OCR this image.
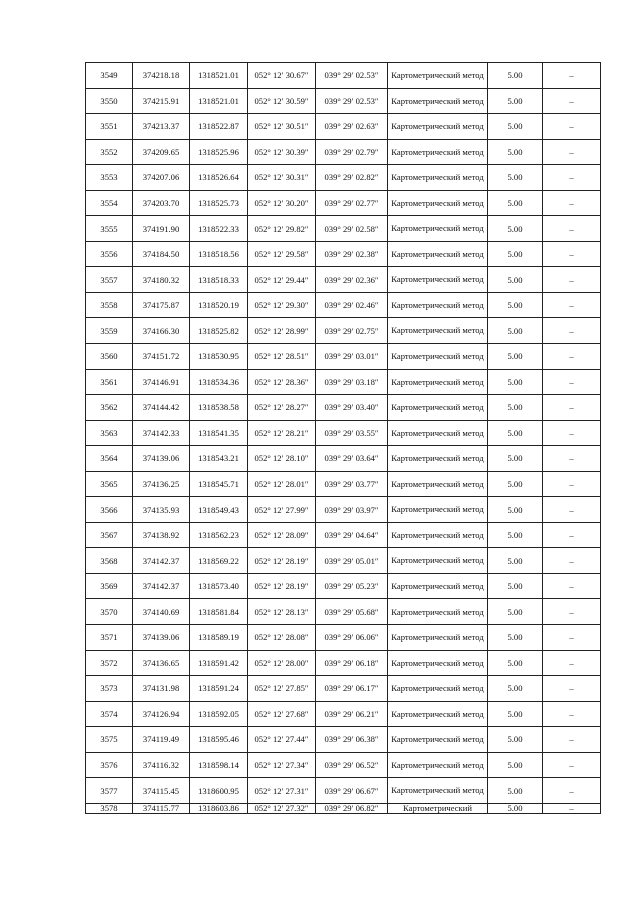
3549	374218.18	1318521.01	052° 12′ 30.67″	039° 29′ 02.53″	Картометрический метод	5.00	–
3550	374215.91	1318521.01	052° 12′ 30.59″	039° 29′ 02.53″	Картометрический метод	5.00	–
3551	374213.37	1318522.87	052° 12′ 30.51″	039° 29′ 02.63″	Картометрический метод	5.00	–
3552	374209.65	1318525.96	052° 12′ 30.39″	039° 29′ 02.79″	Картометрический метод	5.00	–
3553	374207.06	1318526.64	052° 12′ 30.31″	039° 29′ 02.82″	Картометрический метод	5.00	–
3554	374203.70	1318525.73	052° 12′ 30.20″	039° 29′ 02.77″	Картометрический метод	5.00	–
3555	374191.90	1318522.33	052° 12′ 29.82″	039° 29′ 02.58″	Картометрический метод	5.00	–
3556	374184.50	1318518.56	052° 12′ 29.58″	039° 29′ 02.38″	Картометрический метод	5.00	–
3557	374180.32	1318518.33	052° 12′ 29.44″	039° 29′ 02.36″	Картометрический метод	5.00	–
3558	374175.87	1318520.19	052° 12′ 29.30″	039° 29′ 02.46″	Картометрический метод	5.00	–
3559	374166.30	1318525.82	052° 12′ 28.99″	039° 29′ 02.75″	Картометрический метод	5.00	–
3560	374151.72	1318530.95	052° 12′ 28.51″	039° 29′ 03.01″	Картометрический метод	5.00	–
3561	374146.91	1318534.36	052° 12′ 28.36″	039° 29′ 03.18″	Картометрический метод	5.00	–
3562	374144.42	1318538.58	052° 12′ 28.27″	039° 29′ 03.40″	Картометрический метод	5.00	–
3563	374142.33	1318541.35	052° 12′ 28.21″	039° 29′ 03.55″	Картометрический метод	5.00	–
3564	374139.06	1318543.21	052° 12′ 28.10″	039° 29′ 03.64″	Картометрический метод	5.00	–
3565	374136.25	1318545.71	052° 12′ 28.01″	039° 29′ 03.77″	Картометрический метод	5.00	–
3566	374135.93	1318549.43	052° 12′ 27.99″	039° 29′ 03.97″	Картометрический метод	5.00	–
3567	374138.92	1318562.23	052° 12′ 28.09″	039° 29′ 04.64″	Картометрический метод	5.00	–
3568	374142.37	1318569.22	052° 12′ 28.19″	039° 29′ 05.01″	Картометрический метод	5.00	–
3569	374142.37	1318573.40	052° 12′ 28.19″	039° 29′ 05.23″	Картометрический метод	5.00	–
3570	374140.69	1318581.84	052° 12′ 28.13″	039° 29′ 05.68″	Картометрический метод	5.00	–
3571	374139.06	1318589.19	052° 12′ 28.08″	039° 29′ 06.06″	Картометрический метод	5.00	–
3572	374136.65	1318591.42	052° 12′ 28.00″	039° 29′ 06.18″	Картометрический метод	5.00	–
3573	374131.98	1318591.24	052° 12′ 27.85″	039° 29′ 06.17″	Картометрический метод	5.00	–
3574	374126.94	1318592.05	052° 12′ 27.68″	039° 29′ 06.21″	Картометрический метод	5.00	–
3575	374119.49	1318595.46	052° 12′ 27.44″	039° 29′ 06.38″	Картометрический метод	5.00	–
3576	374116.32	1318598.14	052° 12′ 27.34″	039° 29′ 06.52″	Картометрический метод	5.00	–
3577	374115.45	1318600.95	052° 12′ 27.31″	039° 29′ 06.67″	Картометрический метод	5.00	–
3578	374115.77	1318603.86	052° 12′ 27.32″	039° 29′ 06.82″	Картометрический	5.00	–
